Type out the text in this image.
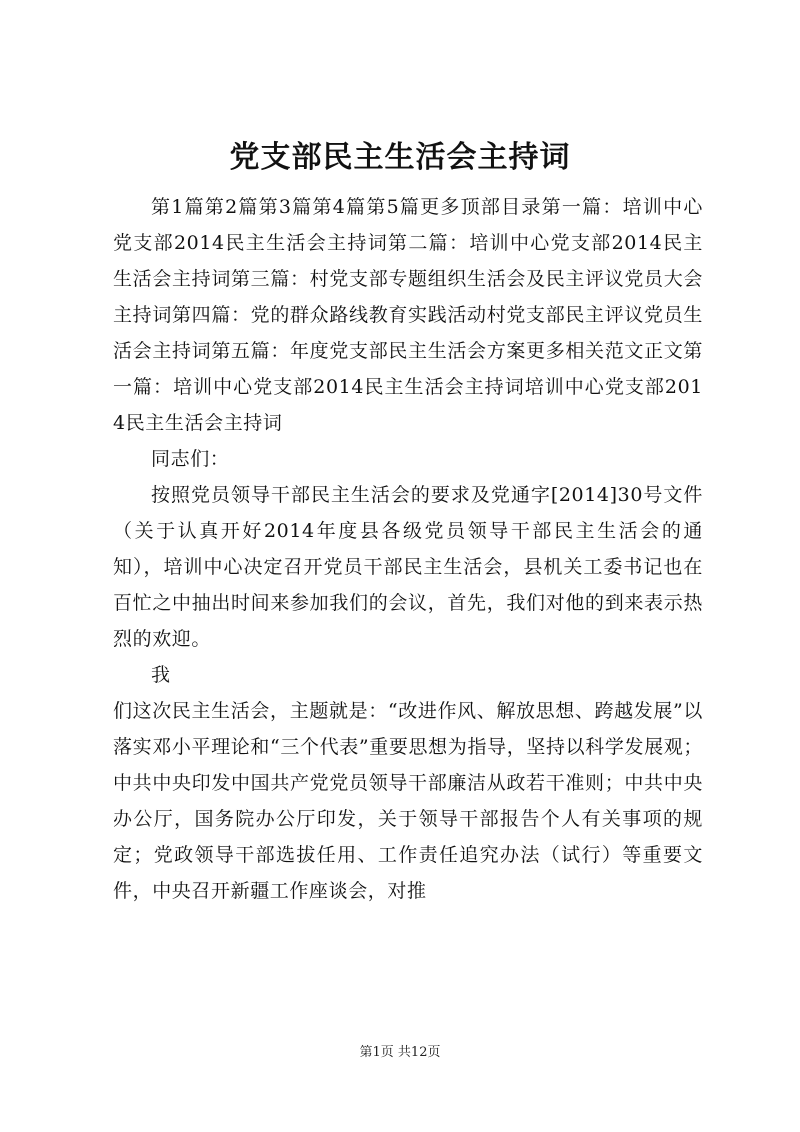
党支部民主生活会主持词

第1篇第2篇第3篇第4篇第5篇更多顶部目录第一篇：培训中心党支部2014民主生活会主持词第二篇：培训中心党支部2014民主生活会主持词第三篇：村党支部专题组织生活会及民主评议党员大会主持词第四篇：党的群众路线教育实践活动村党支部民主评议党员生活会主持词第五篇：年度党支部民主生活会方案更多相关范文正文第一篇：培训中心党支部2014民主生活会主持词培训中心党支部2014民主生活会主持词

同志们：

按照党员领导干部民主生活会的要求及党通字[2014]30号文件（关于认真开好2014年度县各级党员领导干部民主生活会的通知），培训中心决定召开党员干部民主生活会，县机关工委书记也在百忙之中抽出时间来参加我们的会议，首先，我们对他的到来表示热烈的欢迎。

我

们这次民主生活会，主题就是：“改进作风、解放思想、跨越发展”以落实邓小平理论和“三个代表”重要思想为指导，坚持以科学发展观；中共中央印发中国共产党党员领导干部廉洁从政若干准则；中共中央办公厅，国务院办公厅印发，关于领导干部报告个人有关事项的规定；党政领导干部选拔任用、工作责任追究办法（试行）等重要文件，中央召开新疆工作座谈会，对推

第1页 共12页
